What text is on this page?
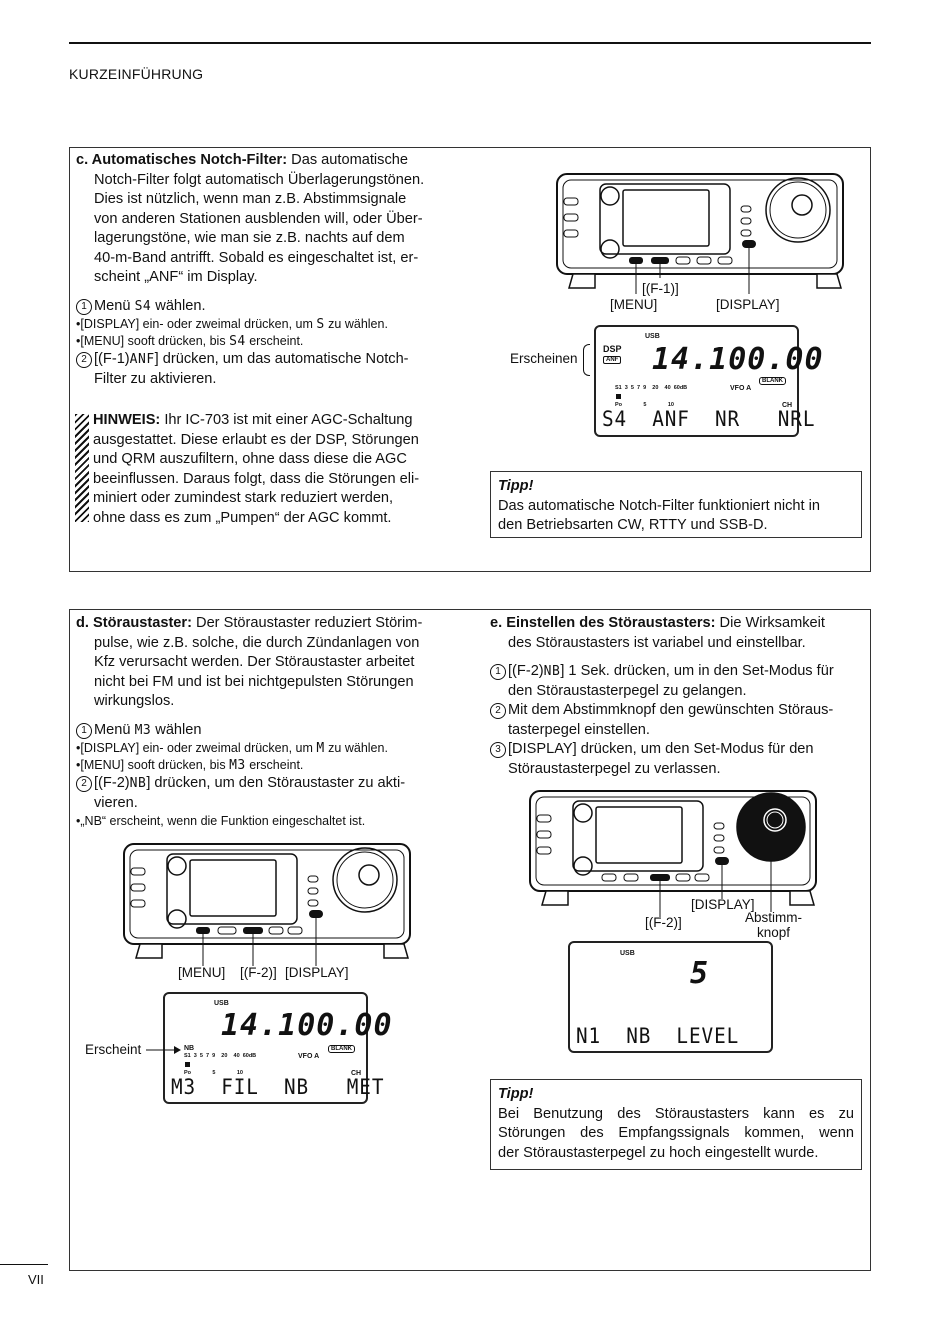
KURZEINFÜHRUNG

c. Automatisches Notch-Filter: Das automatische

Notch-Filter folgt automatisch Überlagerungstönen.

Dies ist nützlich, wenn man z.B. Abstimmsignale

von anderen Stationen ausblenden will, oder Über-

lagerungstöne, wie man sie z.B. nachts auf dem

40-m-Band antrifft. Sobald es eingeschaltet ist, er-

scheint „ANF“ im Display.

1 Menü S4 wählen.

•[DISPLAY] ein- oder zweimal drücken, um S zu wählen.

•[MENU] sooft drücken, bis S4 erscheint.

2 [(F-1)ANF] drücken, um das automatische Notch-

Filter zu aktivieren.

HINWEIS: Ihr IC-703 ist mit einer AGC-Schaltung

ausgestattet. Diese erlaubt es der DSP, Störungen

und QRM auszufiltern, ohne dass diese die AGC

beeinflussen. Daraus folgt, dass die Störungen eli-

miniert oder zumindest stark reduziert werden,

ohne dass es zum „Pumpen“ der AGC kommt.

[(F-1)]
[MENU]	[DISPLAY]
USB
DSP
ANF 14.100.00
S1  3  5  7  9    20    40  60dB	VFO A
BLANK
Po              5              10	CH
S4  ANF  NR   NRL
Erscheinen
Tipp!
Das automatische Notch-Filter funktioniert nicht in
den Betriebsarten CW, RTTY und SSB-D.

d. Störaustaster: Der Störaustaster reduziert Störim-

pulse, wie z.B. solche, die durch Zündanlagen von

Kfz verursacht werden. Der Störaustaster arbeitet

nicht bei FM und ist bei nichtgepulsten Störungen

wirkungslos.

1 Menü M3 wählen

•[DISPLAY] ein- oder zweimal drücken, um M zu wählen.

•[MENU] sooft drücken, bis M3 erscheint.

2 [(F-2)NB] drücken, um den Störaustaster zu akti-

vieren.

•„NB“ erscheint, wenn die Funktion eingeschaltet ist.

[MENU] [(F-2)] [DISPLAY]
USB
14.100.00
NB
S1  3  5  7  9    20    40  60dB	VFO A
BLANK
Po              5              10	CH
M3  FIL  NB   MET
Erscheint

e. Einstellen des Störaustasters: Die Wirksamkeit

des Störaustasters ist variabel und einstellbar.

1 [(F-2)NB] 1 Sek. drücken, um in den Set-Modus für

den Störaustasterpegel zu gelangen.

2 Mit dem Abstimmknopf den gewünschten Störaus-

tasterpegel einstellen.

3 [DISPLAY] drücken, um den Set-Modus für den

Störaustasterpegel zu verlassen.

[DISPLAY]
[(F-2)]	Abstimm-
knopf
USB
5
N1  NB  LEVEL
Tipp!
Bei Benutzung des Störaustasters kann es zu
Störungen des Empfangssignals kommen, wenn
der Störaustasterpegel zu hoch eingestellt wurde.
VII
